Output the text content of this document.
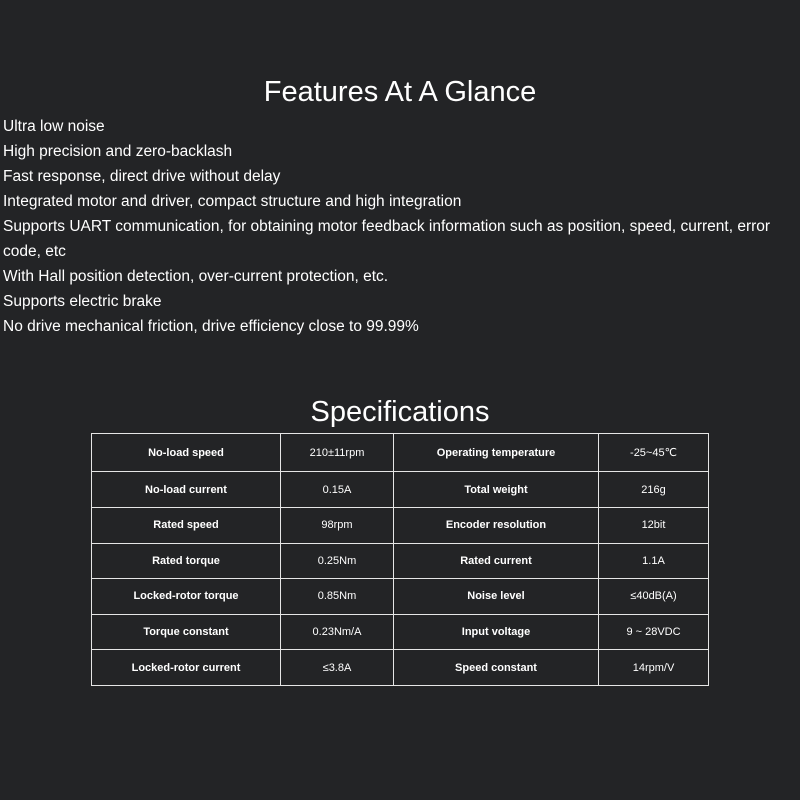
Features At A Glance
Ultra low noise
High precision and zero-backlash
Fast response, direct drive without delay
Integrated motor and driver, compact structure and high integration
Supports UART communication, for obtaining motor feedback information such as position, speed, current, error code, etc
With Hall position detection, over-current protection, etc.
Supports electric brake
No drive mechanical friction, drive efficiency close to 99.99%
Specifications
No-load speed	210±11rpm	Operating temperature	-25~45℃
No-load current	0.15A	Total weight	216g
Rated speed	98rpm	Encoder resolution	12bit
Rated torque	0.25Nm	Rated current	1.1A
Locked-rotor torque	0.85Nm	Noise level	≤40dB(A)
Torque constant	0.23Nm/A	Input voltage	9 ~ 28VDC
Locked-rotor current	≤3.8A	Speed constant	14rpm/V
